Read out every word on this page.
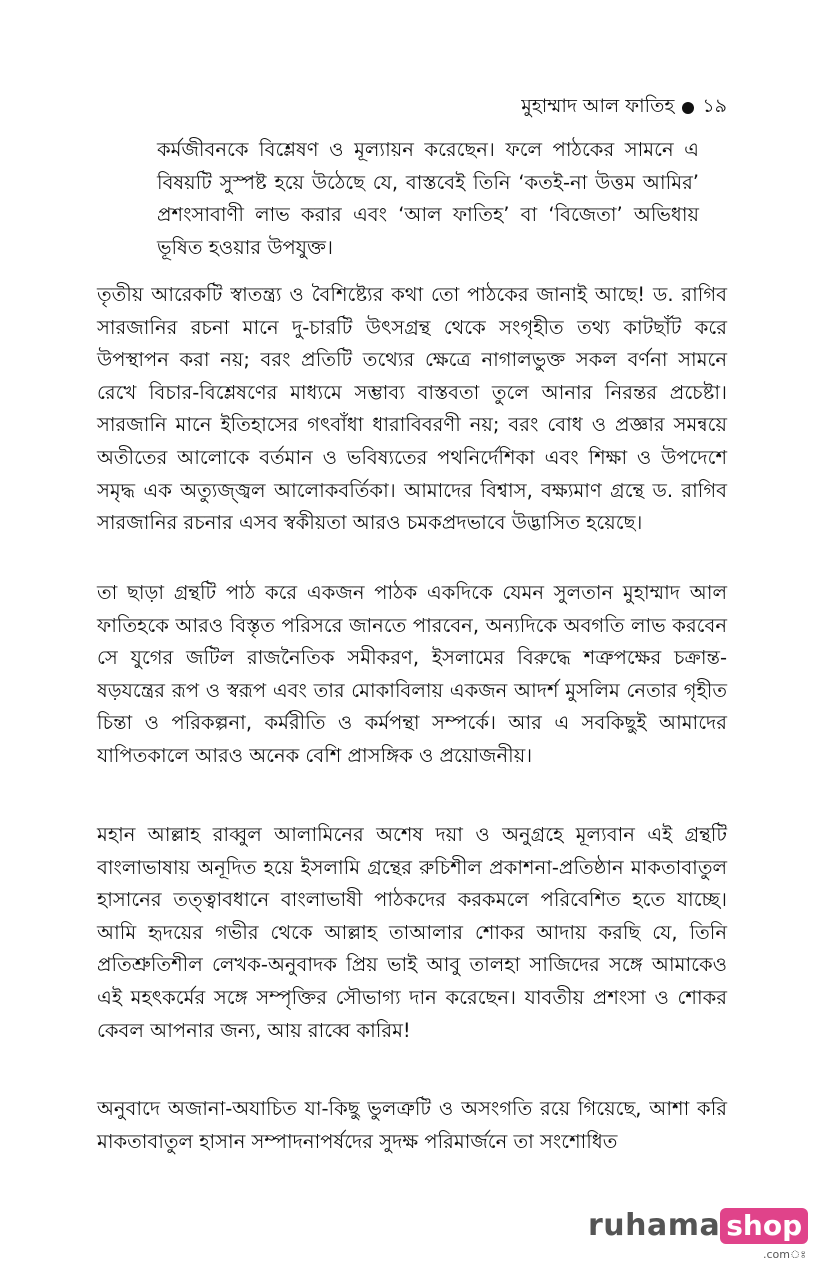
মুহাম্মাদ আল ফাতিহ ১৯

কর্মজীবনকে বিশ্লেষণ ও মূল্যায়ন করেছেন। ফলে পাঠকের সামনে এ বিষয়টি সুস্পষ্ট হয়ে উঠেছে যে, বাস্তবেই তিনি ‘কতই-না উত্তম আমির’ প্রশংসাবাণী লাভ করার এবং ‘আল ফাতিহ’ বা ‘বিজেতা’ অভিধায় ভূষিত হওয়ার উপযুক্ত।

তৃতীয় আরেকটি স্বাতন্ত্র্য ও বৈশিষ্ট্যের কথা তো পাঠকের জানাই আছে! ড. রাগিব সারজানির রচনা মানে দু-চারটি উৎসগ্রন্থ থেকে সংগৃহীত তথ্য কাটছাঁট করে উপস্থাপন করা নয়; বরং প্রতিটি তথ্যের ক্ষেত্রে নাগালভুক্ত সকল বর্ণনা সামনে রেখে বিচার-বিশ্লেষণের মাধ্যমে সম্ভাব্য বাস্তবতা তুলে আনার নিরন্তর প্রচেষ্টা। সারজানি মানে ইতিহাসের গৎবাঁধা ধারাবিবরণী নয়; বরং বোধ ও প্রজ্ঞার সমন্বয়ে অতীতের আলোকে বর্তমান ও ভবিষ্যতের পথনির্দেশিকা এবং শিক্ষা ও উপদেশে সমৃদ্ধ এক অত্যুজ্জ্বল আলোকবর্তিকা। আমাদের বিশ্বাস, বক্ষ্যমাণ গ্রন্থে ড. রাগিব সারজানির রচনার এসব স্বকীয়তা আরও চমকপ্রদভাবে উদ্ভাসিত হয়েছে।

তা ছাড়া গ্রন্থটি পাঠ করে একজন পাঠক একদিকে যেমন সুলতান মুহাম্মাদ আল ফাতিহকে আরও বিস্তৃত পরিসরে জানতে পারবেন, অন্যদিকে অবগতি লাভ করবেন সে যুগের জটিল রাজনৈতিক সমীকরণ, ইসলামের বিরুদ্ধে শত্রুপক্ষের চক্রান্ত-ষড়যন্ত্রের রূপ ও স্বরূপ এবং তার মোকাবিলায় একজন আদর্শ মুসলিম নেতার গৃহীত চিন্তা ও পরিকল্পনা, কর্মরীতি ও কর্মপন্থা সম্পর্কে। আর এ সবকিছুই আমাদের যাপিতকালে আরও অনেক বেশি প্রাসঙ্গিক ও প্রয়োজনীয়।

মহান আল্লাহ রাব্বুল আলামিনের অশেষ দয়া ও অনুগ্রহে মূল্যবান এই গ্রন্থটি বাংলাভাষায় অনূদিত হয়ে ইসলামি গ্রন্থের রুচিশীল প্রকাশনা-প্রতিষ্ঠান মাকতাবাতুল হাসানের তত্ত্বাবধানে বাংলাভাষী পাঠকদের করকমলে পরিবেশিত হতে যাচ্ছে। আমি হৃদয়ের গভীর থেকে আল্লাহ তাআলার শোকর আদায় করছি যে, তিনি প্রতিশ্রুতিশীল লেখক-অনুবাদক প্রিয় ভাই আবু তালহা সাজিদের সঙ্গে আমাকেও এই মহৎকর্মের সঙ্গে সম্পৃক্তির সৌভাগ্য দান করেছেন। যাবতীয় প্রশংসা ও শোকর কেবল আপনার জন্য, আয় রাব্বে কারিম!

অনুবাদে অজানা-অযাচিত যা-কিছু ভুলত্রুটি ও অসংগতি রয়ে গিয়েছে, আশা করি মাকতাবাতুল হাসান সম্পাদনাপর্ষদের সুদক্ষ পরিমার্জনে তা সংশোধিত

ruhama shop
.comঃ
